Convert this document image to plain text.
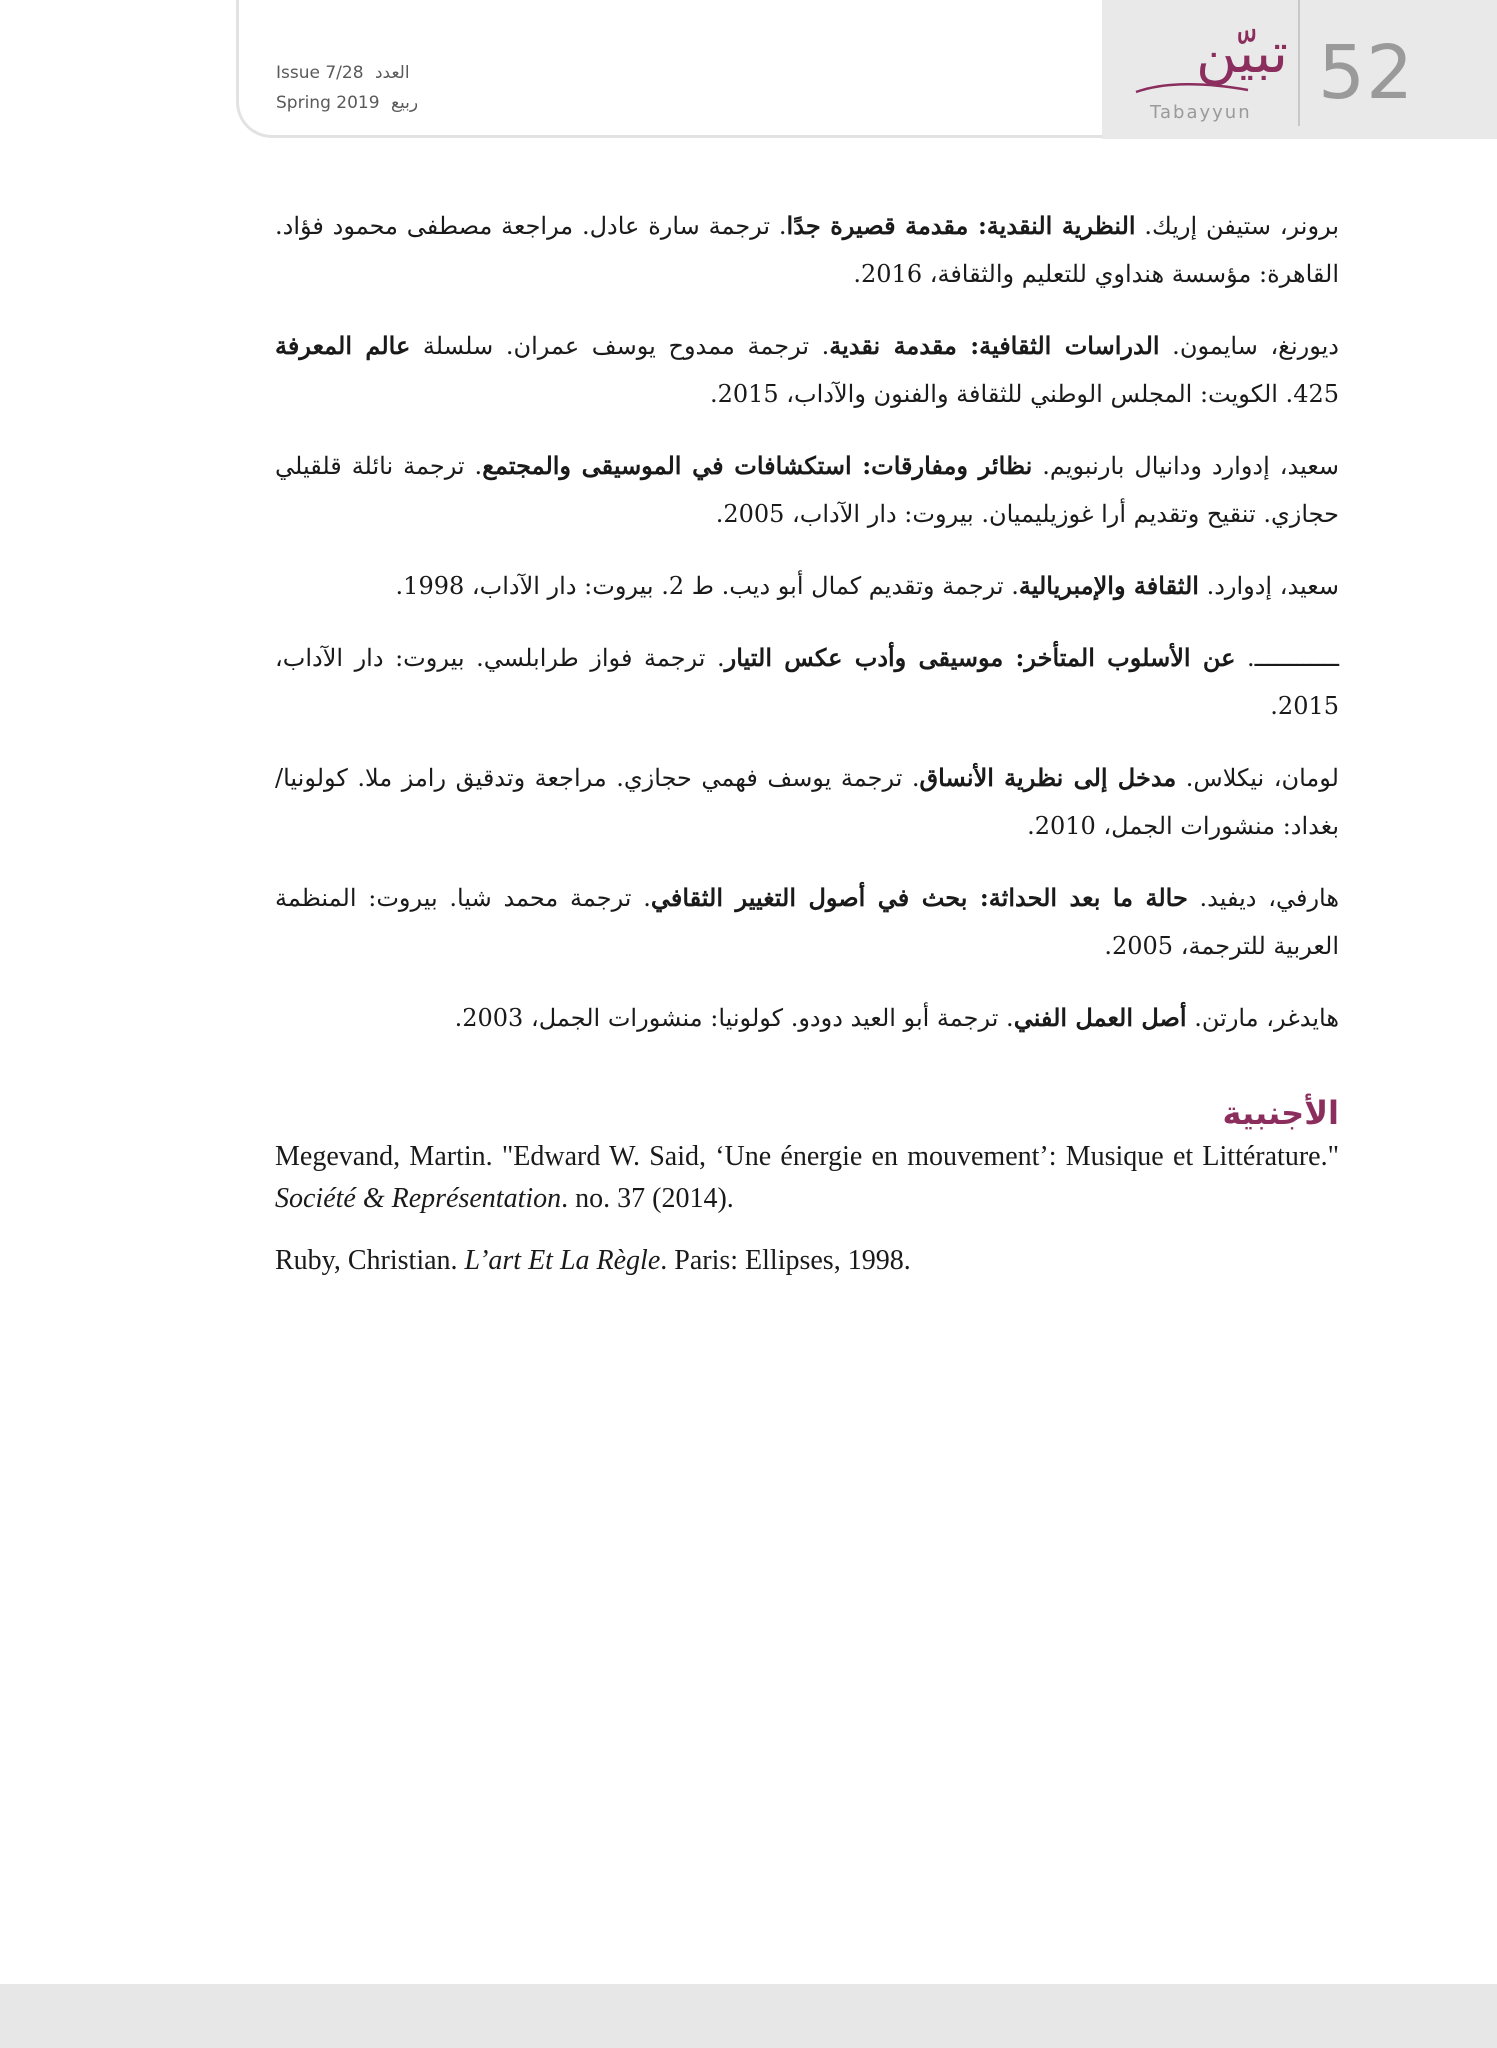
تبيّن
Tabayyun 52
Issue 7/28 العدد
Spring 2019 ربيع

برونر، ستيفن إريك. النظرية النقدية: مقدمة قصيرة جدًا. ترجمة سارة عادل. مراجعة مصطفى محمود فؤاد. القاهرة: مؤسسة هنداوي للتعليم والثقافة، 2016.

ديورنغ، سايمون. الدراسات الثقافية: مقدمة نقدية. ترجمة ممدوح يوسف عمران. سلسلة عالم المعرفة 425. الكويت: المجلس الوطني للثقافة والفنون والآداب، 2015.

سعيد، إدوارد ودانيال بارنبويم. نظائر ومفارقات: استكشافات في الموسيقى والمجتمع. ترجمة نائلة قلقيلي حجازي. تنقيح وتقديم أرا غوزيليميان. بيروت: دار الآداب، 2005.

سعيد، إدوارد. الثقافة والإمبريالية. ترجمة وتقديم كمال أبو ديب. ط 2. بيروت: دار الآداب، 1998.

ــــــــــــ. عن الأسلوب المتأخر: موسيقى وأدب عكس التيار. ترجمة فواز طرابلسي. بيروت: دار الآداب، 2015.

لومان، نيكلاس. مدخل إلى نظرية الأنساق. ترجمة يوسف فهمي حجازي. مراجعة وتدقيق رامز ملا. كولونيا/ بغداد: منشورات الجمل، 2010.

هارفي، ديفيد. حالة ما بعد الحداثة: بحث في أصول التغيير الثقافي. ترجمة محمد شيا. بيروت: المنظمة العربية للترجمة، 2005.

هايدغر، مارتن. أصل العمل الفني. ترجمة أبو العيد دودو. كولونيا: منشورات الجمل، 2003.

الأجنبية

Megevand, Martin. "Edward W. Said, ‘Une énergie en mouvement’: Musique et Littérature." Société & Représentation. no. 37 (2014).

Ruby, Christian. L’art Et La Règle. Paris: Ellipses, 1998.
